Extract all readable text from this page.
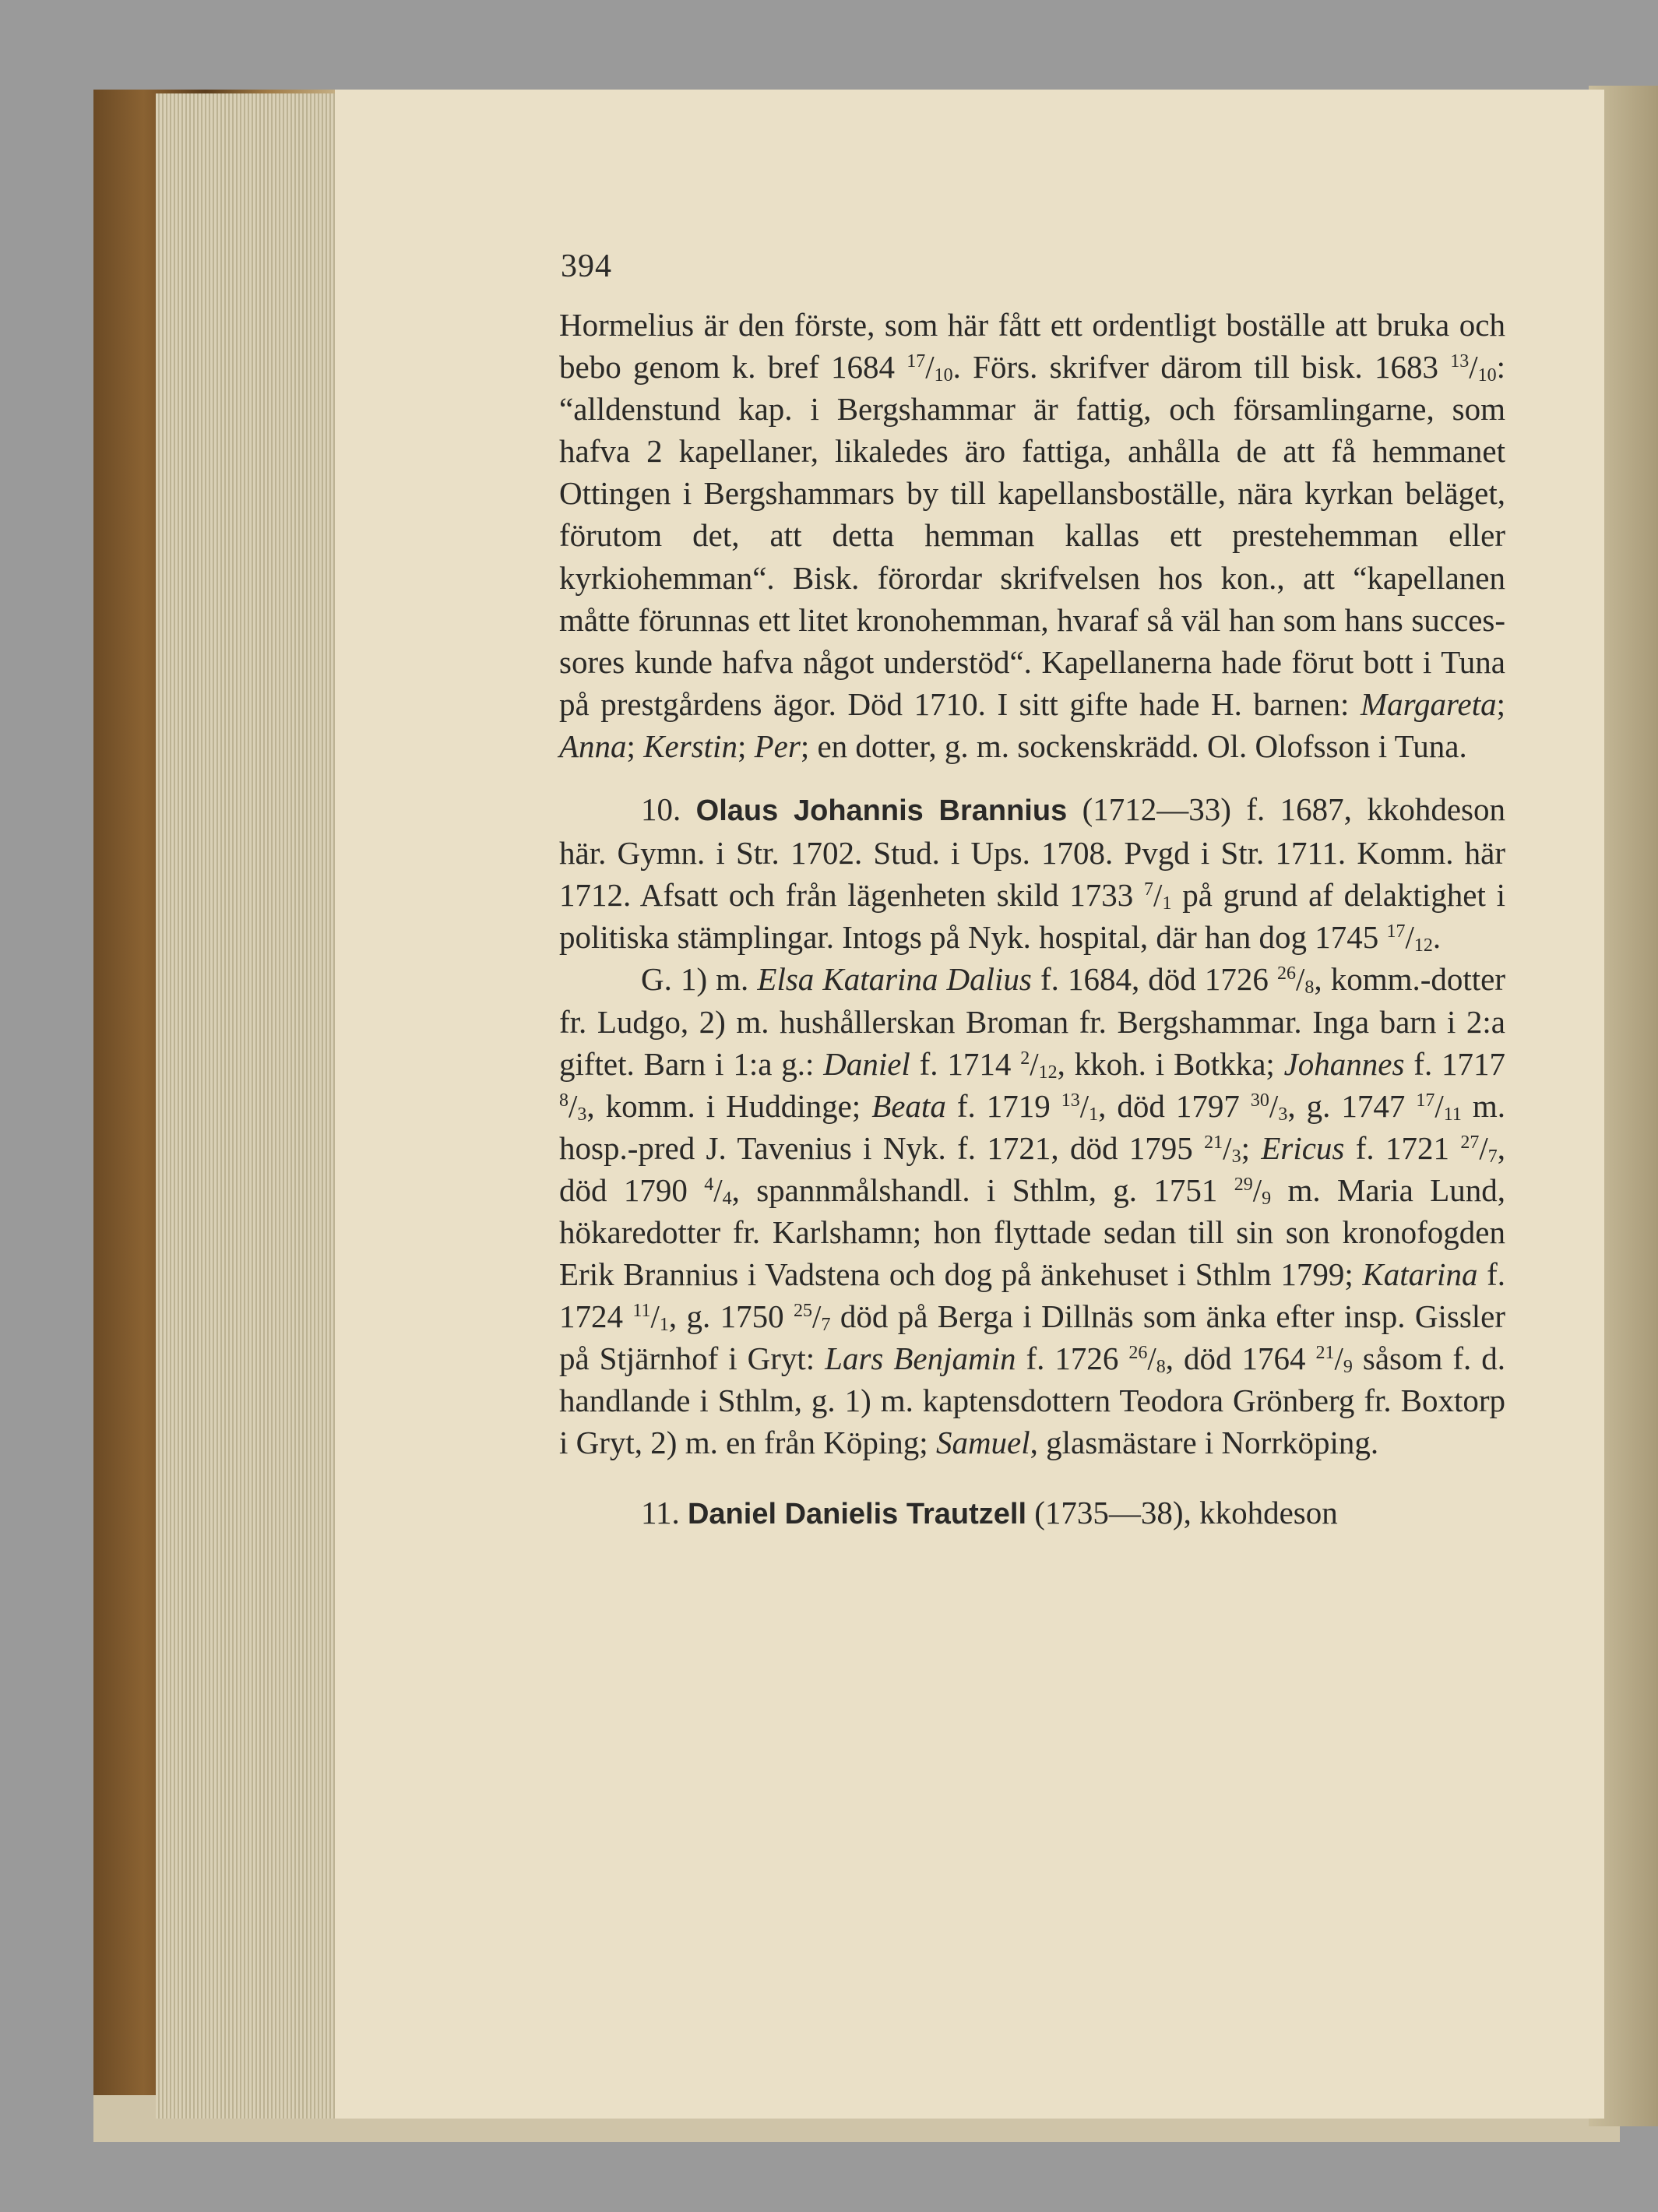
394

Hormelius är den förste, som här fått ett ordentligt boställe att bruka och bebo genom k. bref 1684 $^{17}/_{10}$. Förs. skrifver därom till bisk. 1683 $^{13}/_{10}$: “alldenstund kap. i Bergshammar är fattig, och församlingarne, som hafva 2 kapellaner, likaledes äro fattiga, anhålla de att få hemmanet Ottingen i Bergshammars by till kapellansboställe, nära kyrkan beläget, förutom det, att detta hemman kallas ett prestehemman eller kyrkiohemman“. Bisk. förordar skrifvelsen hos kon., att “kapellanen måtte förunnas ett litet kronohemman, hvaraf så väl han som hans successores kunde hafva något understöd“. Kapellanerna hade förut bott i Tuna på prestgårdens ägor. Död 1710. I sitt gifte hade H. barnen: Margareta; Anna; Kerstin; Per; en dotter, g. m. sockenskrädd. Ol. Olofsson i Tuna.

10. Olaus Johannis Brannius (1712—33) f. 1687, kkohdeson här. Gymn. i Str. 1702. Stud. i Ups. 1708. Pvgd i Str. 1711. Komm. här 1712. Afsatt och från lägenheten skild 1733 $^7/_1$ på grund af delaktighet i politiska stämplingar. Intogs på Nyk. hospital, där han dog 1745 $^{17}/_{12}$.

G. 1) m. Elsa Katarina Dalius f. 1684, död 1726 $^{26}/_8$, komm.-dotter fr. Ludgo, 2) m. hushållerskan Broman fr. Bergshammar. Inga barn i 2:a giftet. Barn i 1:a g.: Daniel f. 1714 $^2/_{12}$, kkoh. i Botkka; Johannes f. 1717 $^8/_3$, komm. i Huddinge; Beata f. 1719 $^{13}/_1$, död 1797 $^{30}/_3$, g. 1747 $^{17}/_{11}$ m. hosp.-pred J. Tavenius i Nyk. f. 1721, död 1795 $^{21}/_3$; Ericus f. 1721 $^{27}/_7$, död 1790 $^4/_4$, spannmålshandl. i Sthlm, g. 1751 $^{29}/_9$ m. Maria Lund, hökaredotter fr. Karlshamn; hon flyttade sedan till sin son kronofogden Erik Brannius i Vadstena och dog på änkehuset i Sthlm 1799; Katarina f. 1724 $^{11}/_1$, g. 1750 $^{25}/_7$ död på Berga i Dillnäs som änka efter insp. Gissler på Stjärnhof i Gryt: Lars Benjamin f. 1726 $^{26}/_8$, död 1764 $^{21}/_9$ såsom f. d. handlande i Sthlm, g. 1) m. kaptensdottern Teodora Grönberg fr. Boxtorp i Gryt, 2) m. en från Köping; Samuel, glasmästare i Norrköping.

11. Daniel Danielis Trautzell (1735—38), kkohdeson
